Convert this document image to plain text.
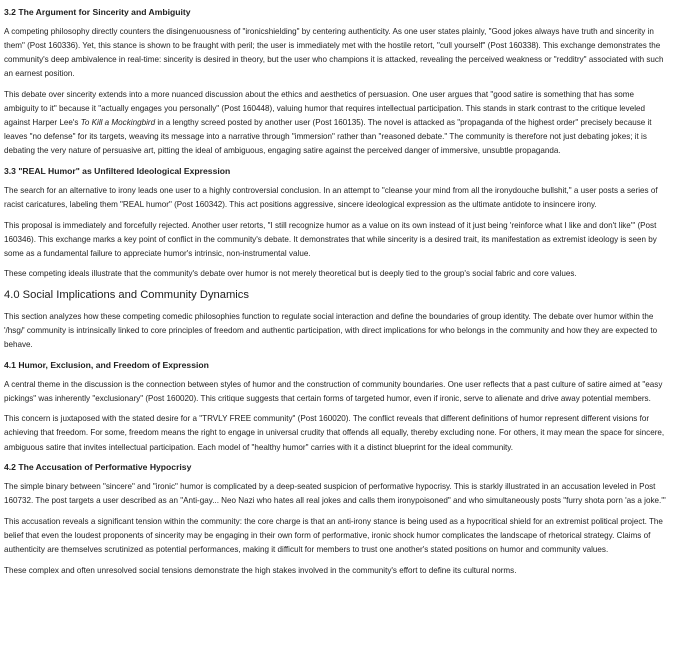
3.2 The Argument for Sincerity and Ambiguity

A competing philosophy directly counters the disingenuousness of "ironicshielding" by centering authenticity. As one user states plainly, "Good jokes always have truth and sincerity in them" (Post 160336). Yet, this stance is shown to be fraught with peril; the user is immediately met with the hostile retort, "cull yourself" (Post 160338). This exchange demonstrates the community's deep ambivalence in real-time: sincerity is desired in theory, but the user who champions it is attacked, revealing the perceived weakness or "redditry" associated with such an earnest position.

This debate over sincerity extends into a more nuanced discussion about the ethics and aesthetics of persuasion. One user argues that "good satire is something that has some ambiguity to it" because it "actually engages you personally" (Post 160448), valuing humor that requires intellectual participation. This stands in stark contrast to the critique leveled against Harper Lee's To Kill a Mockingbird in a lengthy screed posted by another user (Post 160135). The novel is attacked as "propaganda of the highest order" precisely because it leaves "no defense" for its targets, weaving its message into a narrative through "immersion" rather than "reasoned debate." The community is therefore not just debating jokes; it is debating the very nature of persuasive art, pitting the ideal of ambiguous, engaging satire against the perceived danger of immersive, unsubtle propaganda.

3.3 "REAL Humor" as Unfiltered Ideological Expression

The search for an alternative to irony leads one user to a highly controversial conclusion. In an attempt to "cleanse your mind from all the ironydouche bullshit," a user posts a series of racist caricatures, labeling them "REAL humor" (Post 160342). This act positions aggressive, sincere ideological expression as the ultimate antidote to insincere irony.

This proposal is immediately and forcefully rejected. Another user retorts, "I still recognize humor as a value on its own instead of it just being 'reinforce what I like and don't like'" (Post 160346). This exchange marks a key point of conflict in the community's debate. It demonstrates that while sincerity is a desired trait, its manifestation as extremist ideology is seen by some as a fundamental failure to appreciate humor's intrinsic, non-instrumental value.

These competing ideals illustrate that the community's debate over humor is not merely theoretical but is deeply tied to the group's social fabric and core values.

4.0 Social Implications and Community Dynamics

This section analyzes how these competing comedic philosophies function to regulate social interaction and define the boundaries of group identity. The debate over humor within the '/hsg/' community is intrinsically linked to core principles of freedom and authentic participation, with direct implications for who belongs in the community and how they are expected to behave.

4.1 Humor, Exclusion, and Freedom of Expression

A central theme in the discussion is the connection between styles of humor and the construction of community boundaries. One user reflects that a past culture of satire aimed at "easy pickings" was inherently "exclusionary" (Post 160020). This critique suggests that certain forms of targeted humor, even if ironic, serve to alienate and drive away potential members.

This concern is juxtaposed with the stated desire for a "TRVLY FREE community" (Post 160020). The conflict reveals that different definitions of humor represent different visions for achieving that freedom. For some, freedom means the right to engage in universal crudity that offends all equally, thereby excluding none. For others, it may mean the space for sincere, ambiguous satire that invites intellectual participation. Each model of "healthy humor" carries with it a distinct blueprint for the ideal community.

4.2 The Accusation of Performative Hypocrisy

The simple binary between "sincere" and "ironic" humor is complicated by a deep-seated suspicion of performative hypocrisy. This is starkly illustrated in an accusation leveled in Post 160732. The post targets a user described as an "Anti-gay... Neo Nazi who hates all real jokes and calls them ironypoisoned" and who simultaneously posts "furry shota porn 'as a joke.'"

This accusation reveals a significant tension within the community: the core charge is that an anti-irony stance is being used as a hypocritical shield for an extremist political project. The belief that even the loudest proponents of sincerity may be engaging in their own form of performative, ironic shock humor complicates the landscape of rhetorical strategy. Claims of authenticity are themselves scrutinized as potential performances, making it difficult for members to trust one another's stated positions on humor and community values.

These complex and often unresolved social tensions demonstrate the high stakes involved in the community's effort to define its cultural norms.
